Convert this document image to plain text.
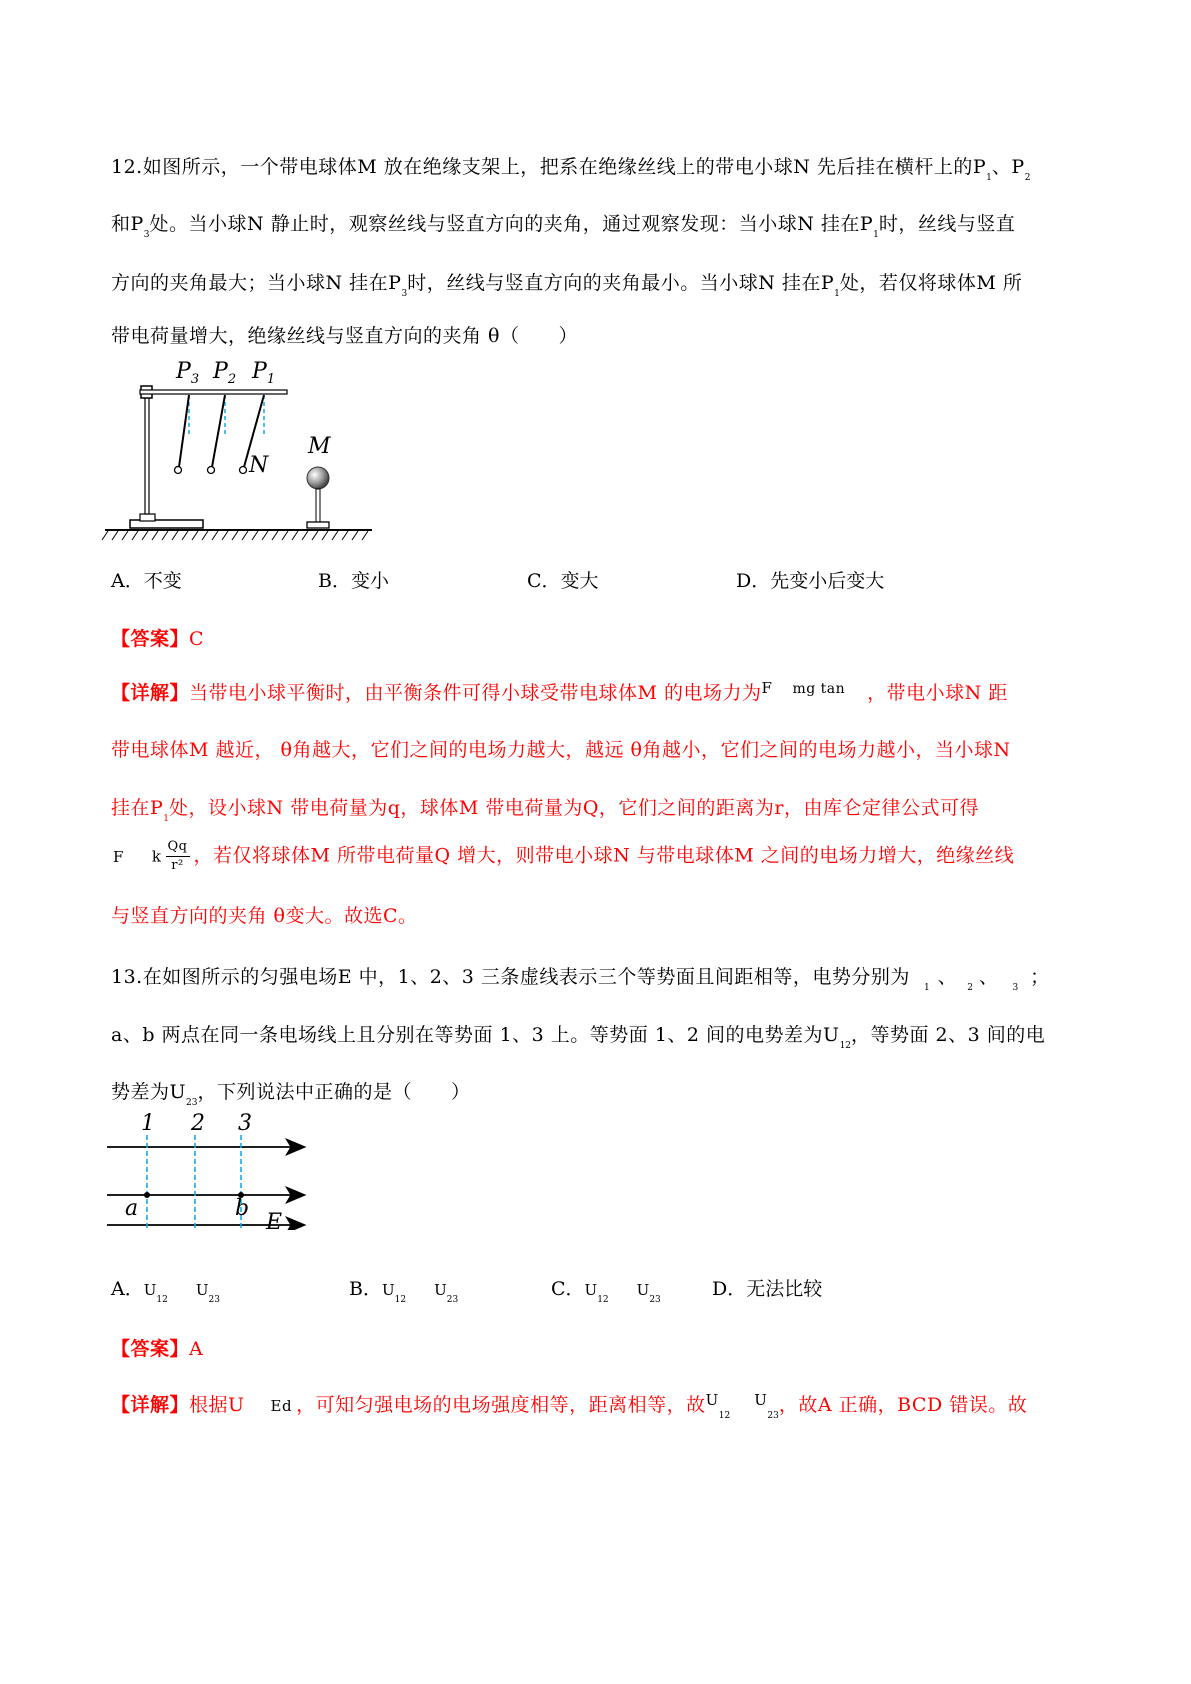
12.如图所示，一个带电球体M 放在绝缘支架上，把系在绝缘丝线上的带电小球N 先后挂在横杆上的$P_1$、$P_2$
和$P_3$处。当小球N 静止时，观察丝线与竖直方向的夹角，通过观察发现：当小球N 挂在$P_1$时，丝线与竖直
方向的夹角最大；当小球N 挂在$P_3$时，丝线与竖直方向的夹角最小。当小球N 挂在$P_1$处，若仅将球体M 所
带电荷量增大，绝缘丝线与竖直方向的夹角 θ（　　）
$P_3$ $P_2$ $P_1$
N
M
A．不变	B．变小	C．变大	D．先变小后变大
【答案】C
【详解】当带电小球平衡时，由平衡条件可得小球受带电球体M 的电场力为$^F$ $^{mg tan}$ ，带电小球N 距
带电球体M 越近， θ角越大，它们之间的电场力越大，越远 θ角越小，它们之间的电场力越小，当小球N
挂在$P_1$处，设小球N 带电荷量为q，球体M 带电荷量为Q，它们之间的距离为r，由库仑定律公式可得
F k $\frac{Qq}{\text{r²}}$ ，若仅将球体M 所带电荷量Q 增大，则带电小球N 与带电球体M 之间的电场力增大，绝缘丝线
与竖直方向的夹角 θ变大。故选C。
13.在如图所示的匀强电场E 中，1、2、3 三条虚线表示三个等势面且间距相等，电势分别为 $_1$ 、 $_2$ 、 $_3$ ；
a、b 两点在同一条电场线上且分别在等势面 1、3 上。等势面 1、2 间的电势差为$U_{12}$，等势面 2、3 间的电
势差为$U_{23}$，下列说法中正确的是（　　）
1 2 3
a	b
E
A．$U_{12}U_{23}$	B．$U_{12}U_{23}$	C．$U_{12}U_{23}$	D．无法比较
【答案】A
【详解】根据U Ed ，可知匀强电场的电场强度相等，距离相等，故$^U_{12}^U_{23}$，故A 正确，BCD 错误。故
